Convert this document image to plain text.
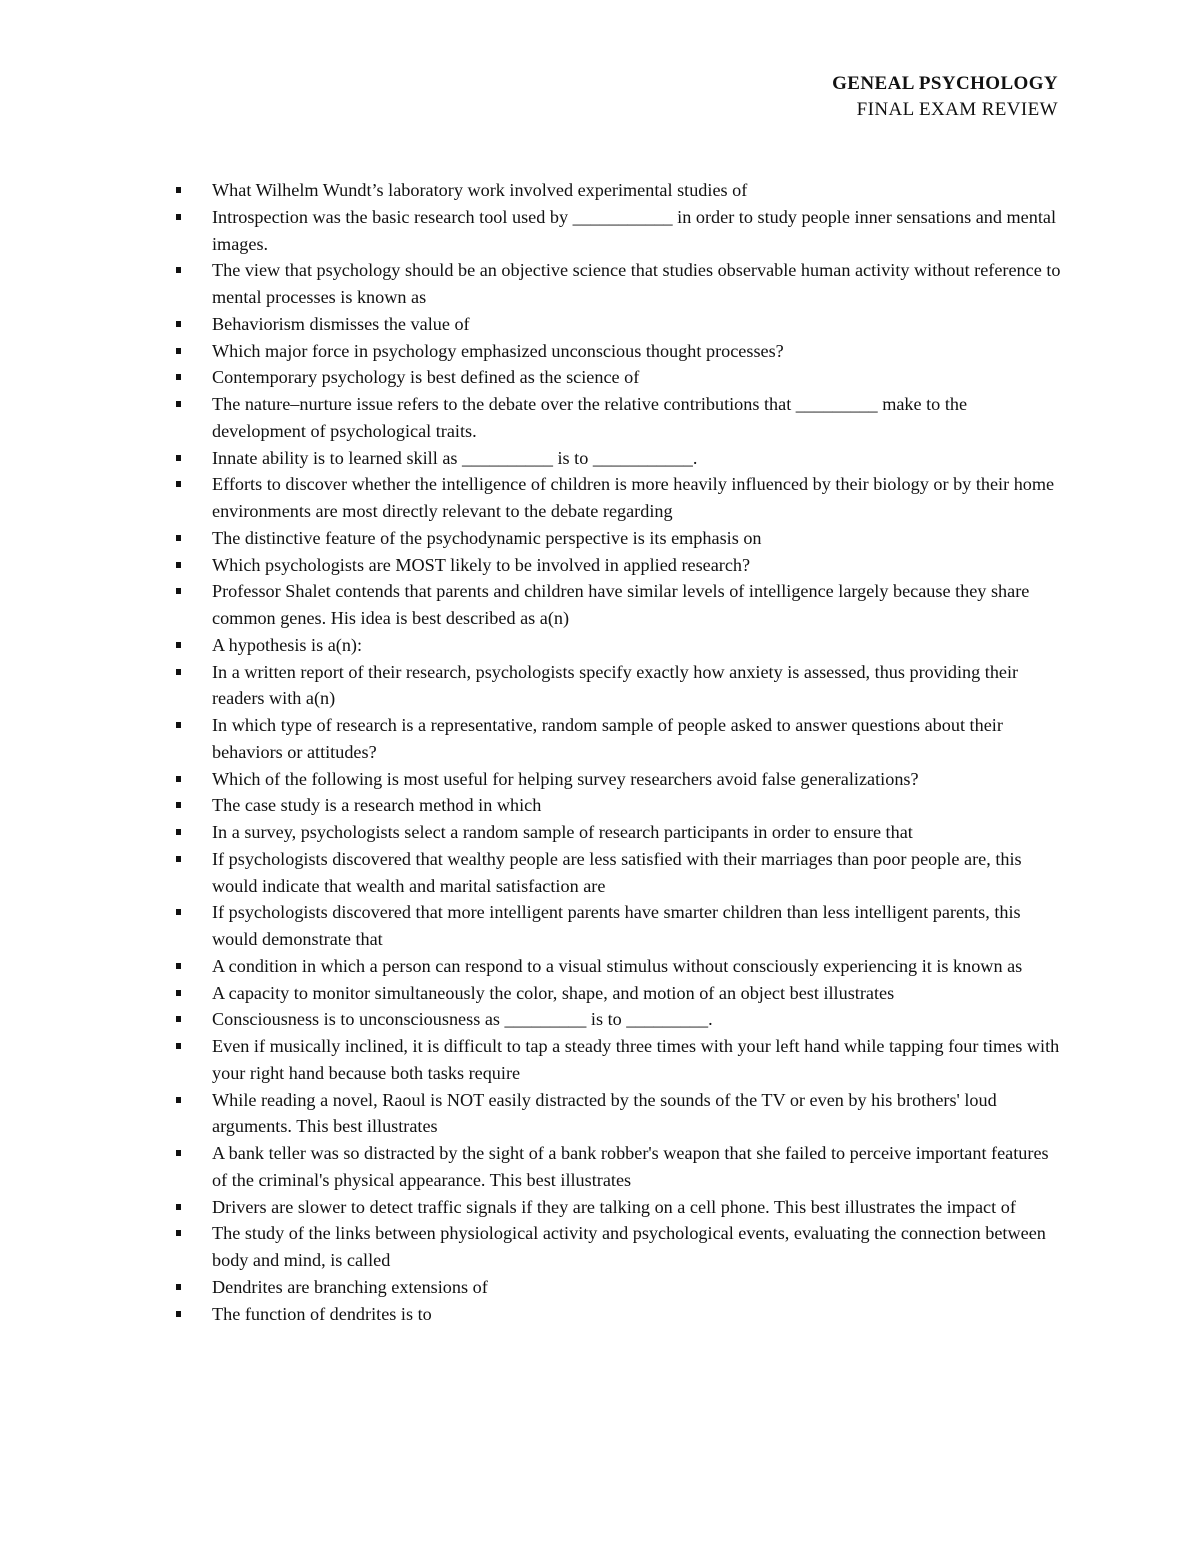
GENEAL PSYCHOLOGY
FINAL EXAM REVIEW
What Wilhelm Wundt’s laboratory work involved experimental studies of
Introspection was the basic research tool used by ___________ in order to study people inner sensations and mental images.
The view that psychology should be an objective science that studies observable human activity without reference to mental processes is known as
Behaviorism dismisses the value of
Which major force in psychology emphasized unconscious thought processes?
Contemporary psychology is best defined as the science of
The nature–nurture issue refers to the debate over the relative contributions that _________ make to the development of psychological traits.
Innate ability is to learned skill as __________ is to ___________.
Efforts to discover whether the intelligence of children is more heavily influenced by their biology or by their home environments are most directly relevant to the debate regarding
The distinctive feature of the psychodynamic perspective is its emphasis on
Which psychologists are MOST likely to be involved in applied research?
Professor Shalet contends that parents and children have similar levels of intelligence largely because they share common genes. His idea is best described as a(n)
A hypothesis is a(n):
In a written report of their research, psychologists specify exactly how anxiety is assessed, thus providing their readers with a(n)
In which type of research is a representative, random sample of people asked to answer questions about their behaviors or attitudes?
Which of the following is most useful for helping survey researchers avoid false generalizations?
The case study is a research method in which
In a survey, psychologists select a random sample of research participants in order to ensure that
If psychologists discovered that wealthy people are less satisfied with their marriages than poor people are, this would indicate that wealth and marital satisfaction are
If psychologists discovered that more intelligent parents have smarter children than less intelligent parents, this would demonstrate that
A condition in which a person can respond to a visual stimulus without consciously experiencing it is known as
A capacity to monitor simultaneously the color, shape, and motion of an object best illustrates
Consciousness is to unconsciousness as _________ is to _________.
Even if musically inclined, it is difficult to tap a steady three times with your left hand while tapping four times with your right hand because both tasks require
While reading a novel, Raoul is NOT easily distracted by the sounds of the TV or even by his brothers' loud arguments. This best illustrates
A bank teller was so distracted by the sight of a bank robber's weapon that she failed to perceive important features of the criminal's physical appearance. This best illustrates
Drivers are slower to detect traffic signals if they are talking on a cell phone. This best illustrates the impact of
The study of the links between physiological activity and psychological events, evaluating the connection between body and mind, is called
Dendrites are branching extensions of
The function of dendrites is to
